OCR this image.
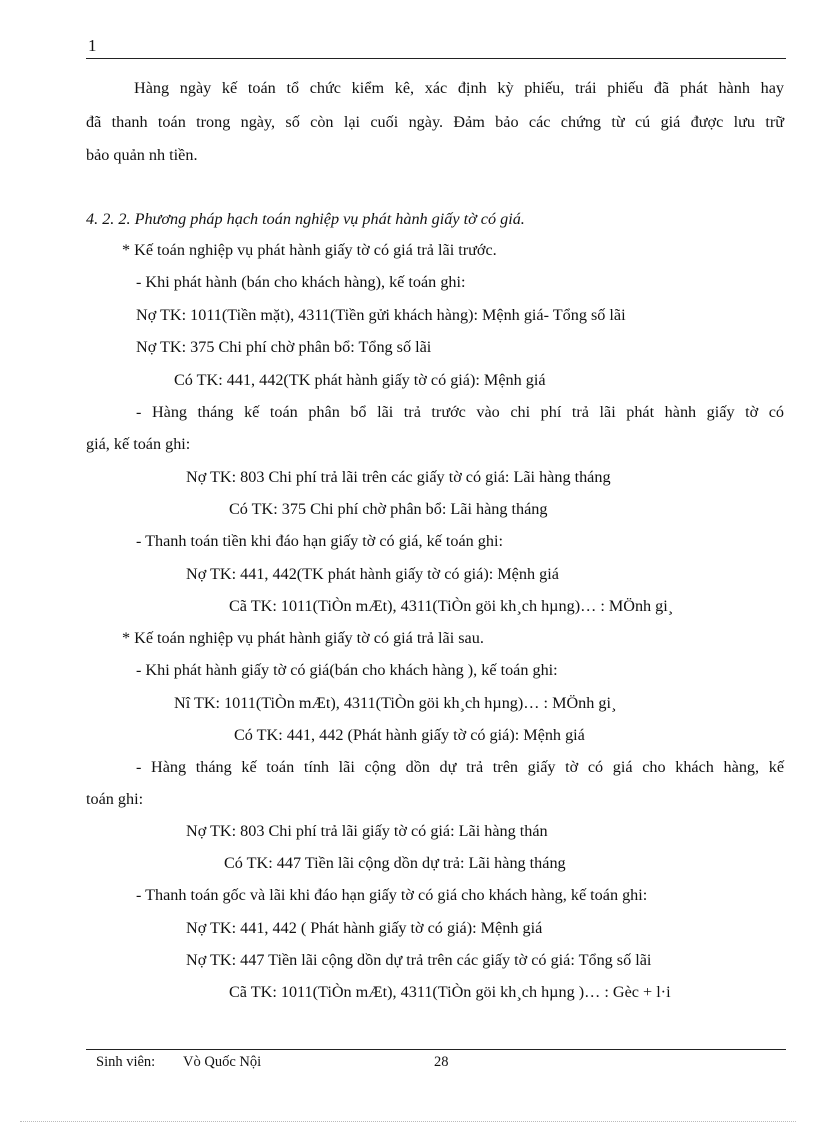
1
Hàng ngày kế toán tổ chức kiểm kê, xác định kỳ phiếu, trái phiếu đã phát hành hay
đã thanh toán trong ngày, số còn lại cuối ngày. Đảm bảo các chứng từ cú giá được lưu trữ
bảo quản nh tiền.
4. 2. 2. Phương pháp hạch toán nghiệp vụ phát hành giấy tờ có giá.
* Kế toán nghiệp vụ phát hành giấy tờ có giá trả lãi trước.
- Khi phát hành (bán cho khách hàng), kế toán ghi:
Nợ TK: 1011(Tiền mặt), 4311(Tiền gửi khách hàng): Mệnh giá- Tổng số lãi
Nợ TK: 375 Chi phí chờ phân bổ: Tổng số lãi
Có TK: 441, 442(TK phát hành giấy tờ có giá): Mệnh giá
- Hàng tháng kế toán phân bổ lãi trả trước vào chi phí trả lãi phát hành giấy tờ có
giá, kế toán ghi:
Nợ TK: 803 Chi phí trả lãi trên các giấy tờ có giá: Lãi hàng tháng
Có TK: 375 Chi phí chờ phân bổ: Lãi hàng tháng
- Thanh toán tiền khi đáo hạn giấy tờ có giá, kế toán ghi:
Nợ TK: 441, 442(TK phát hành giấy tờ có giá): Mệnh giá
Cã TK: 1011(TiÒn mÆt), 4311(TiÒn göi kh¸ch hµng)… : MÖnh gi¸
* Kế toán nghiệp vụ phát hành giấy tờ có giá trả lãi sau.
- Khi phát hành giấy tờ có giá(bán cho khách hàng ), kế toán ghi:
Nî TK: 1011(TiÒn mÆt), 4311(TiÒn göi kh¸ch hµng)… : MÖnh gi¸
Có TK: 441, 442 (Phát hành giấy tờ có giá): Mệnh giá
- Hàng tháng kế toán tính lãi cộng dồn dự trả trên giấy tờ có giá cho khách hàng, kế
toán ghi:
Nợ TK: 803 Chi phí trả lãi giấy tờ có giá: Lãi hàng thán
Có TK: 447 Tiền lãi cộng dồn dự trả: Lãi hàng tháng
- Thanh toán gốc và lãi khi đáo hạn giấy tờ có giá cho khách hàng, kế toán ghi:
Nợ TK: 441, 442 ( Phát hành giấy tờ có giá): Mệnh giá
Nợ TK: 447 Tiền lãi cộng dồn dự trả trên các giấy tờ có giá: Tổng số lãi
Cã TK: 1011(TiÒn mÆt), 4311(TiÒn göi kh¸ch hµng )… : Gèc + l·i
Sinh viên: Vò Quốc Nội	28
